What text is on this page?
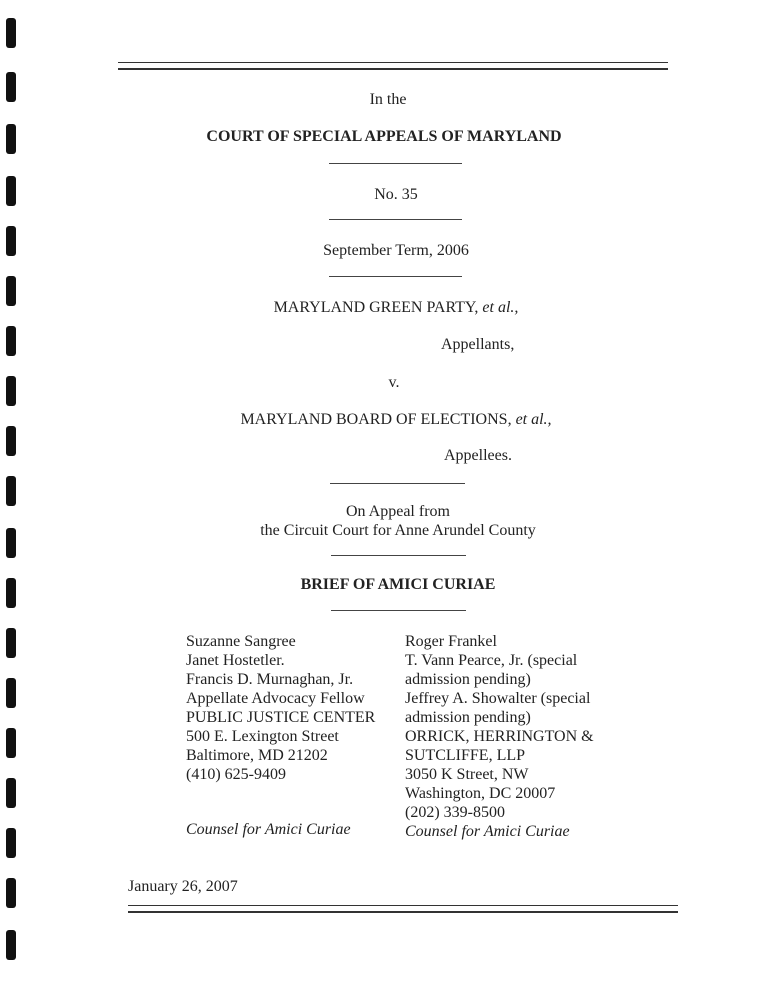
In the
COURT OF SPECIAL APPEALS OF MARYLAND
No. 35
September Term, 2006
MARYLAND GREEN PARTY, et al.,
Appellants,
v.
MARYLAND BOARD OF ELECTIONS, et al.,
Appellees.
On Appeal from
the Circuit Court for Anne Arundel County
BRIEF OF AMICI CURIAE
Suzanne Sangree
Janet Hostetler.
Francis D. Murnaghan, Jr.
Appellate Advocacy Fellow
PUBLIC JUSTICE CENTER
500 E. Lexington Street
Baltimore, MD 21202
(410) 625-9409
Counsel for Amici Curiae
Roger Frankel
T. Vann Pearce, Jr. (special
admission pending)
Jeffrey A. Showalter (special
admission pending)
ORRICK, HERRINGTON &
SUTCLIFFE, LLP
3050 K Street, NW
Washington, DC 20007
(202) 339-8500
Counsel for Amici Curiae
January 26, 2007
